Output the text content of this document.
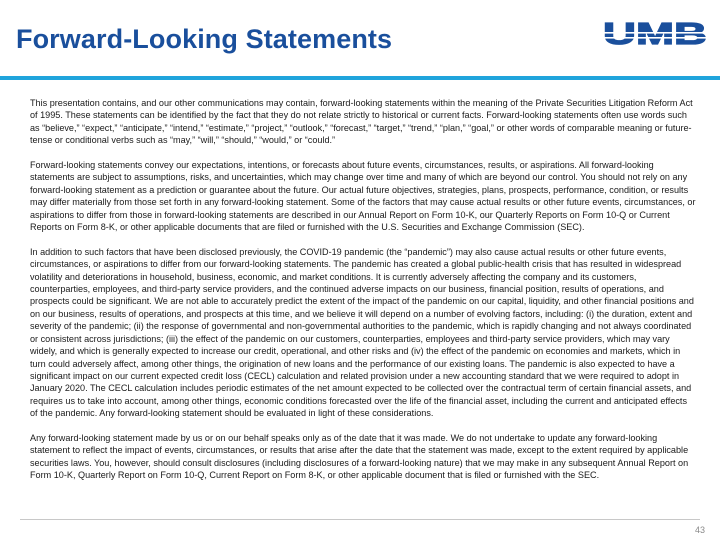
Forward-Looking Statements

This presentation contains, and our other communications may contain, forward-looking statements within the meaning of the Private Securities Litigation Reform Act of 1995. These statements can be identified by the fact that they do not relate strictly to historical or current facts. Forward-looking statements often use words such as “believe,” “expect,” “anticipate,” “intend,” “estimate,” “project,” “outlook,” “forecast,” “target,” “trend,” “plan,” “goal,” or other words of comparable meaning or future-tense or conditional verbs such as “may,” “will,” “should,” “would,” or “could.”

Forward-looking statements convey our expectations, intentions, or forecasts about future events, circumstances, results, or aspirations. All forward-looking statements are subject to assumptions, risks, and uncertainties, which may change over time and many of which are beyond our control. You should not rely on any forward-looking statement as a prediction or guarantee about the future. Our actual future objectives, strategies, plans, prospects, performance, condition, or results may differ materially from those set forth in any forward-looking statement. Some of the factors that may cause actual results or other future events, circumstances, or aspirations to differ from those in forward-looking statements are described in our Annual Report on Form 10-K, our Quarterly Reports on Form 10-Q or Current Reports on Form 8-K, or other applicable documents that are filed or furnished with the U.S. Securities and Exchange Commission (SEC).

In addition to such factors that have been disclosed previously, the COVID-19 pandemic (the “pandemic”) may also cause actual results or other future events, circumstances, or aspirations to differ from our forward-looking statements. The pandemic has created a global public-health crisis that has resulted in widespread volatility and deteriorations in household, business, economic, and market conditions. It is currently adversely affecting the company and its customers, counterparties, employees, and third-party service providers, and the continued adverse impacts on our business, financial position, results of operations, and prospects could be significant. We are not able to accurately predict the extent of the impact of the pandemic on our capital, liquidity, and other financial positions and on our business, results of operations, and prospects at this time, and we believe it will depend on a number of evolving factors, including: (i) the duration, extent and severity of the pandemic; (ii) the response of governmental and non-governmental authorities to the pandemic, which is rapidly changing and not always coordinated or consistent across jurisdictions; (iii) the effect of the pandemic on our customers, counterparties, employees and third-party service providers, which may vary widely, and which is generally expected to increase our credit, operational, and other risks and (iv) the effect of the pandemic on economies and markets, which in turn could adversely affect, among other things, the origination of new loans and the performance of our existing loans. The pandemic is also expected to have a significant impact on our current expected credit loss (CECL) calculation and related provision under a new accounting standard that we were required to adopt in January 2020. The CECL calculation includes periodic estimates of the net amount expected to be collected over the contractual term of certain financial assets, and requires us to take into account, among other things, economic conditions forecasted over the life of the financial asset, including the current and anticipated effects of the pandemic. Any forward-looking statement should be evaluated in light of these considerations.

Any forward-looking statement made by us or on our behalf speaks only as of the date that it was made. We do not undertake to update any forward-looking statement to reflect the impact of events, circumstances, or results that arise after the date that the statement was made, except to the extent required by applicable securities laws. You, however, should consult disclosures (including disclosures of a forward-looking nature) that we may make in any subsequent Annual Report on Form 10-K, Quarterly Report on Form 10-Q, Current Report on Form 8-K, or other applicable document that is filed or furnished with the SEC.

43
